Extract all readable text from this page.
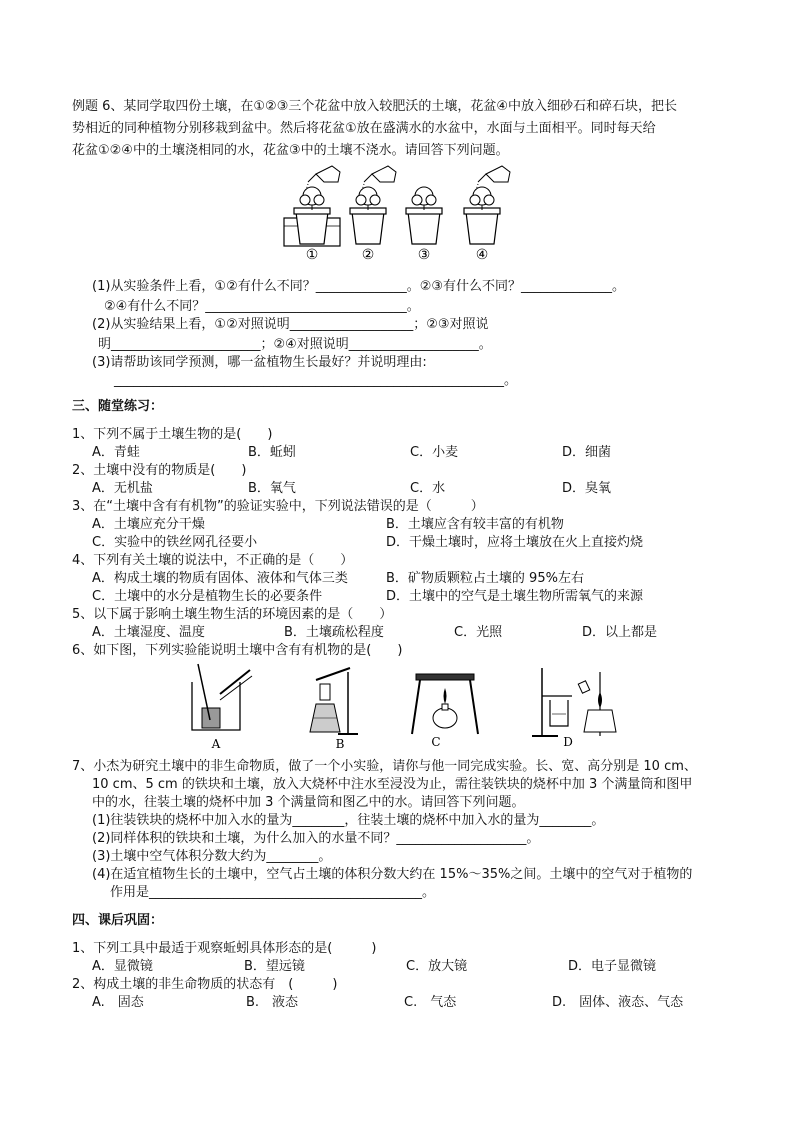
例题 6、某同学取四份土壤，在①②③三个花盆中放入较肥沃的土壤，花盆④中放入细砂石和碎石块，把长
势相近的同种植物分别移栽到盆中。然后将花盆①放在盛满水的水盆中，水面与土面相平。同时每天给
花盆①②④中的土壤浇相同的水，花盆③中的土壤不浇水。请回答下列问题。
①	②	③	④
(1)从实验条件上看，①②有什么不同？______________。②③有什么不同？______________。
②④有什么不同？_______________________________。
(2)从实验结果上看，①②对照说明___________________；②③对照说
明_______________________；②④对照说明____________________。
(3)请帮助该同学预测，哪一盆植物生长最好？并说明理由:
____________________________________________________________。
三、随堂练习：
1、下列不属于土壤生物的是(　　)
A．青蛙	B．蚯蚓	C．小麦	D．细菌
2、土壤中没有的物质是(　　)
A．无机盐	B．氧气	C．水	D．臭氧
3、在“土壤中含有有机物”的验证实验中，下列说法错误的是（　　　）
A．土壤应充分干燥	B．土壤应含有较丰富的有机物
C．实验中的铁丝网孔径要小	D．干燥土壤时，应将土壤放在火上直接灼烧
4、下列有关土壤的说法中，不正确的是（　　）
A．构成土壤的物质有固体、液体和气体三类	B．矿物质颗粒占土壤的 95%左右
C．土壤中的水分是植物生长的必要条件	D．土壤中的空气是土壤生物所需氧气的来源
5、以下属于影响土壤生物生活的环境因素的是（　　）
A．土壤湿度、温度	B．土壤疏松程度	C．光照	D．以上都是
6、如下图，下列实验能说明土壤中含有有机物的是(　　)
A	B	C	D
7、小杰为研究土壤中的非生命物质，做了一个小实验，请你与他一同完成实验。长、宽、高分别是 10 cm、
10 cm、5 cm 的铁块和土壤，放入大烧杯中注水至浸没为止，需往装铁块的烧杯中加 3 个满量筒和图甲
中的水，往装土壤的烧杯中加 3 个满量筒和图乙中的水。请回答下列问题。
(1)往装铁块的烧杯中加入水的量为________，往装土壤的烧杯中加入水的量为________。
(2)同样体积的铁块和土壤，为什么加入的水量不同？____________________。
(3)土壤中空气体积分数大约为________。
(4)在适宜植物生长的土壤中，空气占土壤的体积分数大约在 15%～35%之间。土壤中的空气对于植物的
作用是__________________________________________。
四、课后巩固：
1、下列工具中最适于观察蚯蚓具体形态的是(　　　)
A．显微镜	B．望远镜	C．放大镜	D．电子显微镜
2、构成土壤的非生命物质的状态有　(　　　)
A.　固态	B.　液态	C.　气态	D.　固体、液态、气态
